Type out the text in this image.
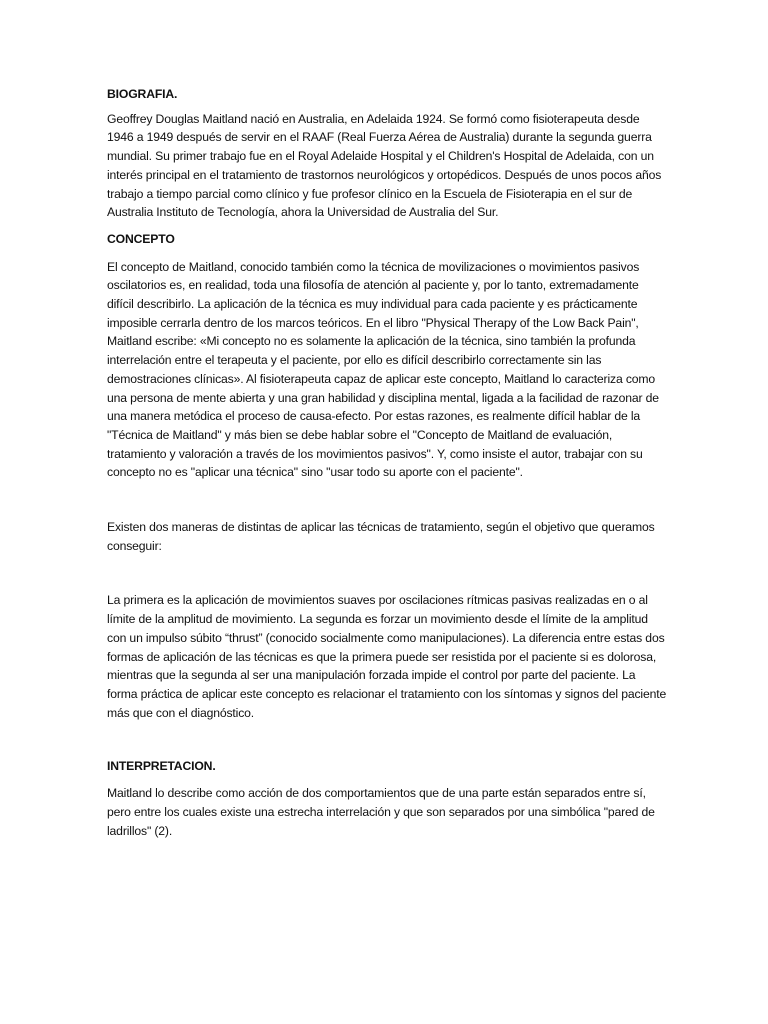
BIOGRAFIA.

Geoffrey Douglas Maitland nació en Australia, en Adelaida 1924. Se formó como fisioterapeuta desde 1946 a 1949 después de servir en el RAAF (Real Fuerza Aérea de Australia) durante la segunda guerra mundial. Su primer trabajo fue en el Royal Adelaide Hospital y el Children's Hospital de Adelaida, con un interés principal en el tratamiento de trastornos neurológicos y ortopédicos. Después de unos pocos años trabajo a tiempo parcial como clínico y fue profesor clínico en la Escuela de Fisioterapia en el sur de Australia Instituto de Tecnología, ahora la Universidad de Australia del Sur.

CONCEPTO

El concepto de Maitland, conocido también como la técnica de movilizaciones o movimientos pasivos oscilatorios es, en realidad, toda una filosofía de atención al paciente y, por lo tanto, extremadamente difícil describirlo. La aplicación de la técnica es muy individual para cada paciente y es prácticamente imposible cerrarla dentro de los marcos teóricos. En el libro "Physical Therapy of the Low Back Pain", Maitland escribe: «Mi concepto no es solamente la aplicación de la técnica, sino también la profunda interrelación entre el terapeuta y el paciente, por ello es difícil describirlo correctamente sin las demostraciones clínicas». Al fisioterapeuta capaz de aplicar este concepto, Maitland lo caracteriza como una persona de mente abierta y una gran habilidad y disciplina mental, ligada a la facilidad de razonar de una manera metódica el proceso de causa-efecto. Por estas razones, es realmente difícil hablar de la "Técnica de Maitland" y más bien se debe hablar sobre el "Concepto de Maitland de evaluación, tratamiento y valoración a través de los movimientos pasivos". Y, como insiste el autor, trabajar con su concepto no es "aplicar una técnica" sino "usar todo su aporte con el paciente".

Existen dos maneras de distintas de aplicar las técnicas de tratamiento, según el objetivo que queramos conseguir:

La primera es la aplicación de movimientos suaves por oscilaciones rítmicas pasivas realizadas en o al límite de la amplitud de movimiento. La segunda es forzar un movimiento desde el límite de la amplitud con un impulso súbito “thrust” (conocido socialmente como manipulaciones). La diferencia entre estas dos formas de aplicación de las técnicas es que la primera puede ser resistida por el paciente si es dolorosa, mientras que la segunda al ser una manipulación forzada impide el control por parte del paciente. La forma práctica de aplicar este concepto es relacionar el tratamiento con los síntomas y signos del paciente más que con el diagnóstico.

INTERPRETACION.

Maitland lo describe como acción de dos comportamientos que de una parte están separados entre sí, pero entre los cuales existe una estrecha interrelación y que son separados por una simbólica "pared de ladrillos" (2).
